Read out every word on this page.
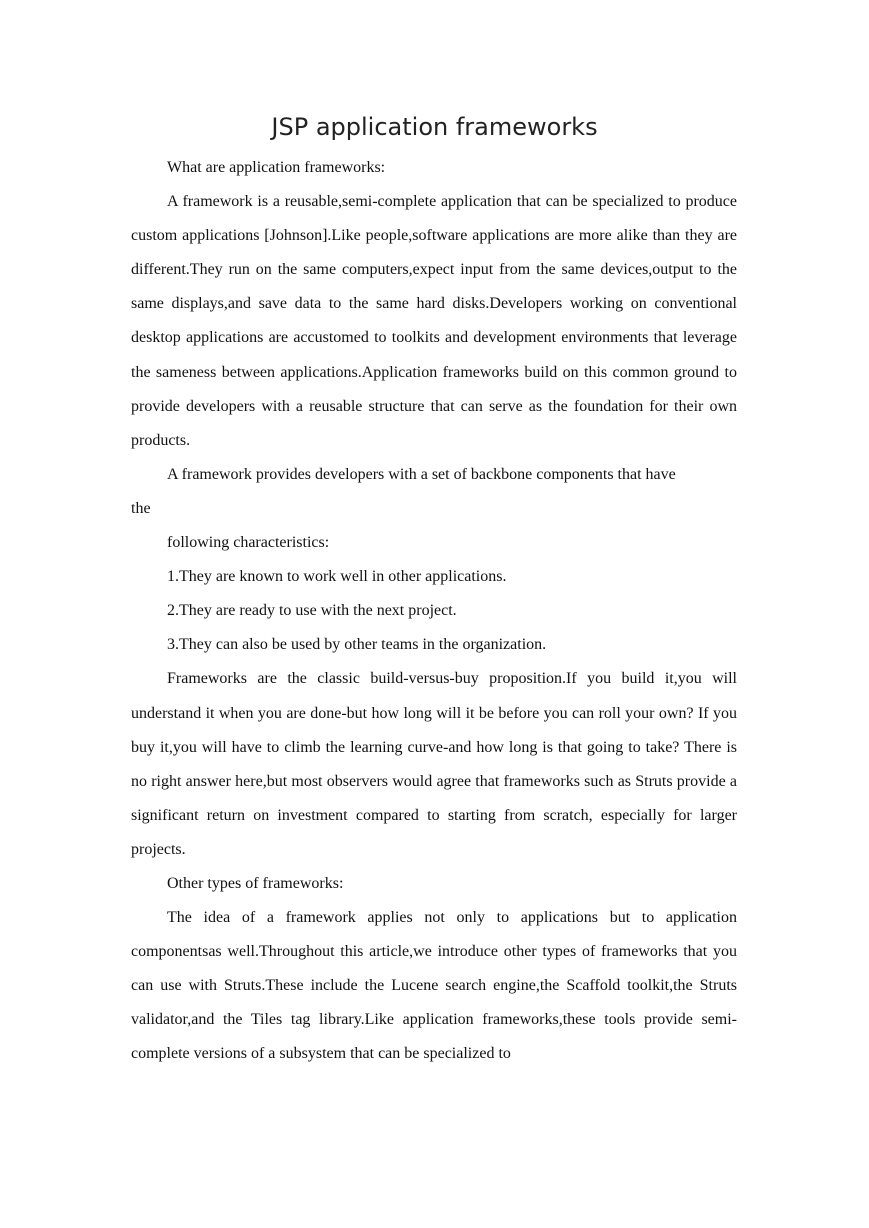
JSP application frameworks

What are application frameworks:

A framework is a reusable,semi-complete application that can be specialized to produce custom applications [Johnson].Like people,software applications are more alike than they are different.They run on the same computers,expect input from the same devices,output to the same displays,and save data to the same hard disks.Developers working on conventional desktop applications are accustomed to toolkits and development environments that leverage the sameness between applications.Application frameworks build on this common ground to provide developers with a reusable structure that can serve as the foundation for their own products.

A framework provides developers with a set of backbone components that have
the

following characteristics:

1.They are known to work well in other applications.

2.They are ready to use with the next project.

3.They can also be used by other teams in the organization.

Frameworks are the classic build-versus-buy proposition.If you build it,you will understand it when you are done-but how long will it be before you can roll your own? If you buy it,you will have to climb the learning curve-and how long is that going to take? There is no right answer here,but most observers would agree that frameworks such as Struts provide a significant return on investment compared to starting from scratch, especially for larger projects.

Other types of frameworks:

The idea of a framework applies not only to applications but to application componentsas well.Throughout this article,we introduce other types of frameworks that you can use with Struts.These include the Lucene search engine,the Scaffold toolkit,the Struts validator,and the Tiles tag library.Like application frameworks,these tools provide semi-complete versions of a subsystem that can be specialized to
